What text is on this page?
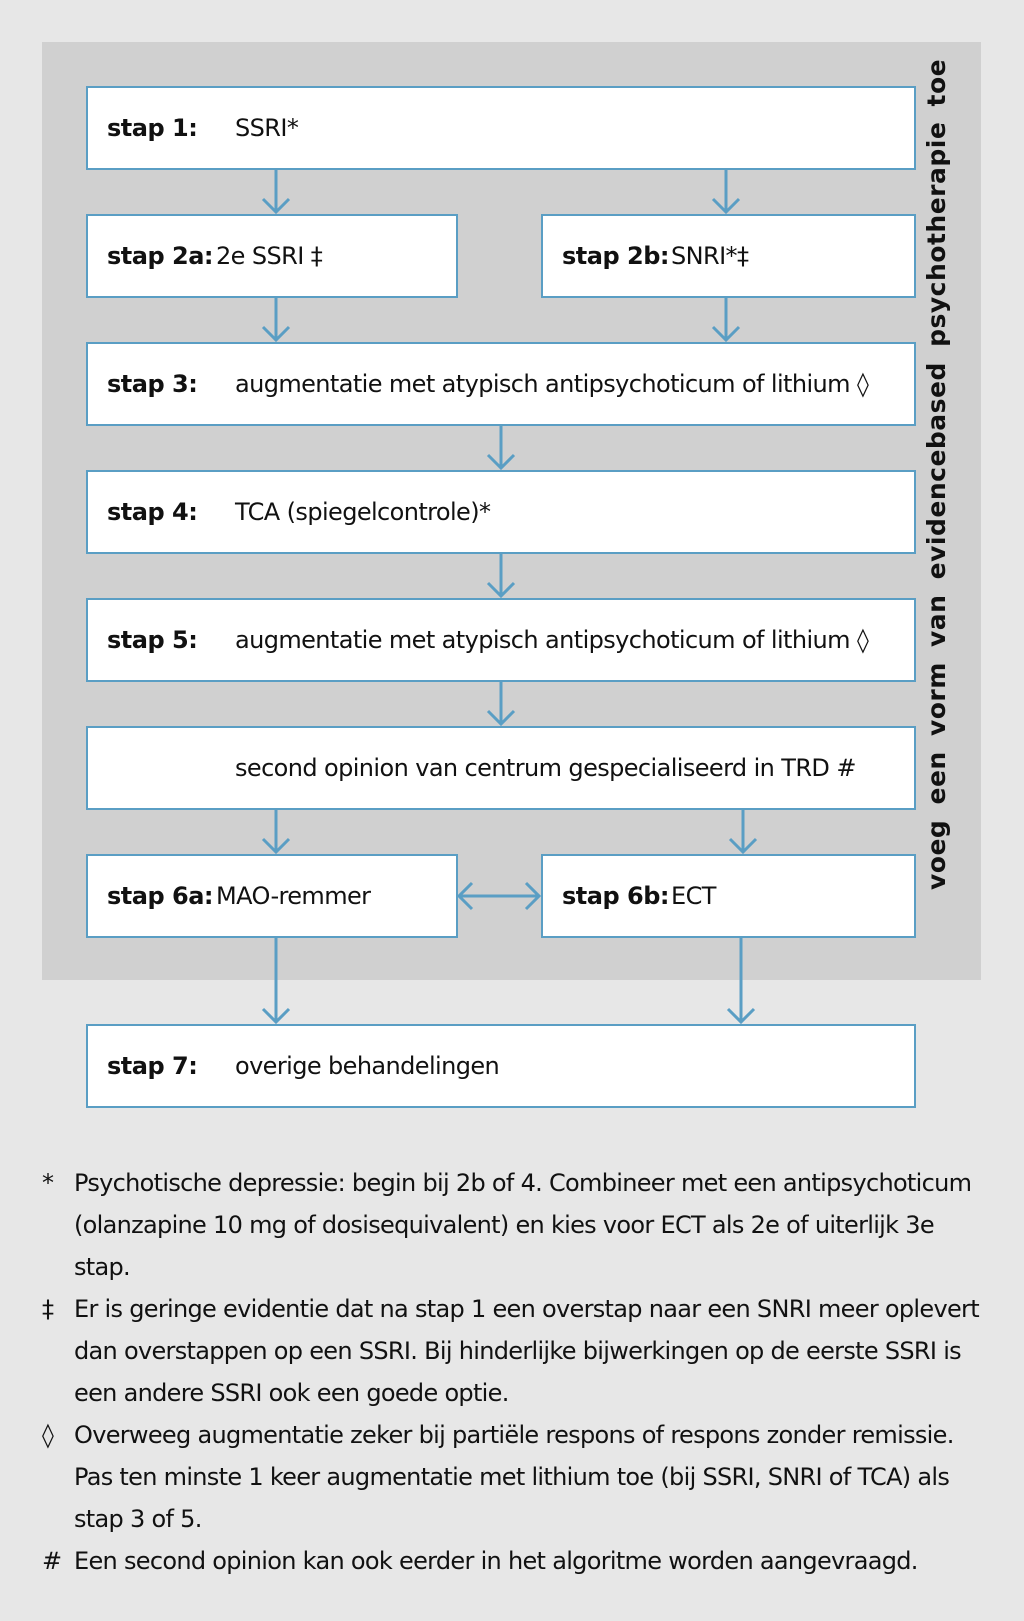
stap 1: SSRI*
stap 2a: 2e SSRI ‡	stap 2b: SNRI*‡
stap 3: augmentatie met atypisch antipsychoticum of lithium ◊
stap 4: TCA (spiegelcontrole)*
stap 5: augmentatie met atypisch antipsychoticum of lithium ◊
second opinion van centrum gespecialiseerd in TRD #
stap 6a: MAO-remmer	stap 6b: ECT
stap 7: overige behandelingen
voeg een vorm van evidencebased psychotherapie toe
* Psychotische depressie: begin bij 2b of 4. Combineer met een antipsychoticum (olanzapine 10 mg of dosisequivalent) en kies voor ECT als 2e of uiterlijk 3e stap.
‡ Er is geringe evidentie dat na stap 1 een overstap naar een SNRI meer oplevert dan overstappen op een SSRI. Bij hinderlijke bijwerkingen op de eerste SSRI is een andere SSRI ook een goede optie.
◊ Overweeg augmentatie zeker bij partiële respons of respons zonder remissie. Pas ten minste 1 keer augmentatie met lithium toe (bij SSRI, SNRI of TCA) als stap 3 of 5.
# Een second opinion kan ook eerder in het algoritme worden aangevraagd.
